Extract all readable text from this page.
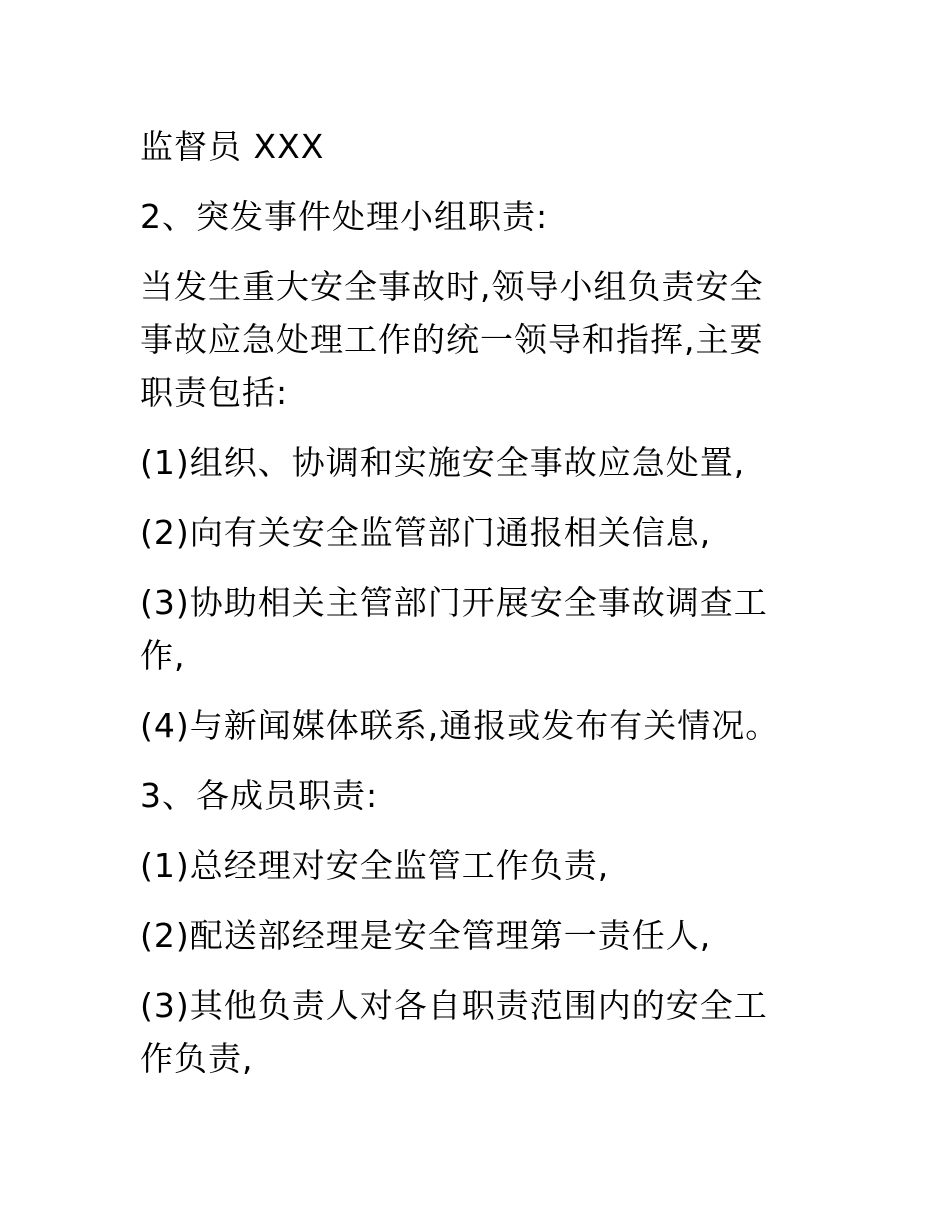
监督员 XXX

2、突发事件处理小组职责:

当发生重大安全事故时,领导小组负责安全

事故应急处理工作的统一领导和指挥,主要

职责包括:

(1)组织、协调和实施安全事故应急处置,

(2)向有关安全监管部门通报相关信息,

(3)协助相关主管部门开展安全事故调查工

作,

(4)与新闻媒体联系,通报或发布有关情况。

3、各成员职责:

(1)总经理对安全监管工作负责,

(2)配送部经理是安全管理第一责任人,

(3)其他负责人对各自职责范围内的安全工

作负责,
